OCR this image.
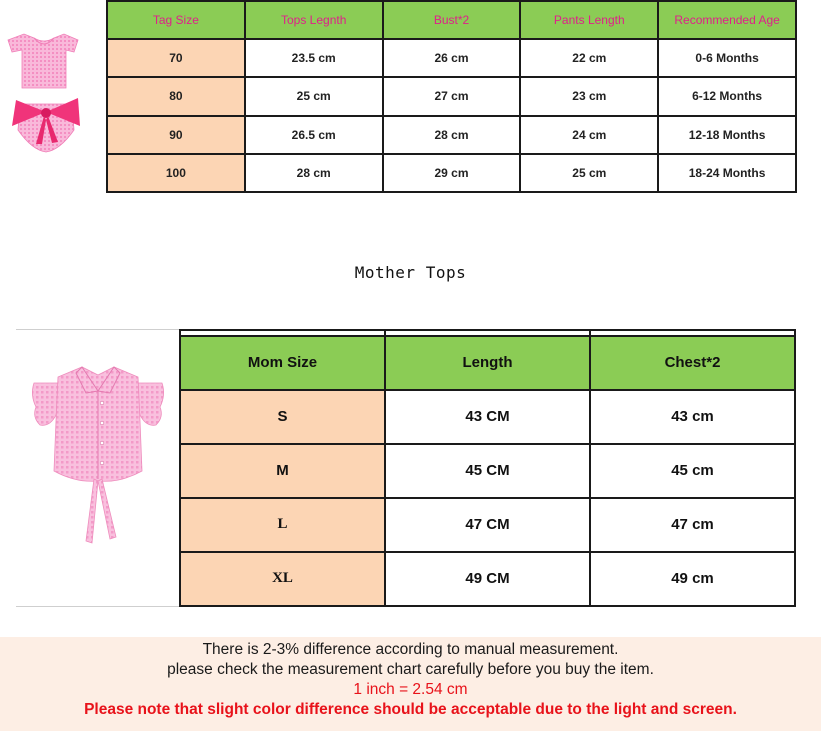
Tag Size	Tops Legnth	Bust*2	Pants Length	Recommended Age
70	23.5 cm	26 cm	22 cm	0-6 Months
80	25 cm	27 cm	23 cm	6-12 Months
90	26.5 cm	28 cm	24 cm	12-18 Months
100	28 cm	29 cm	25 cm	18-24 Months
Mother Tops

Mom Size	Length	Chest*2
S	43 CM	43 cm
M	45 CM	45 cm
L	47 CM	47 cm
XL	49 CM	49 cm
There is 2-3% difference according to manual measurement.
please check the measurement chart carefully before you buy the item.
1 inch = 2.54 cm
Please note that slight color difference should be acceptable due to the light and screen.
